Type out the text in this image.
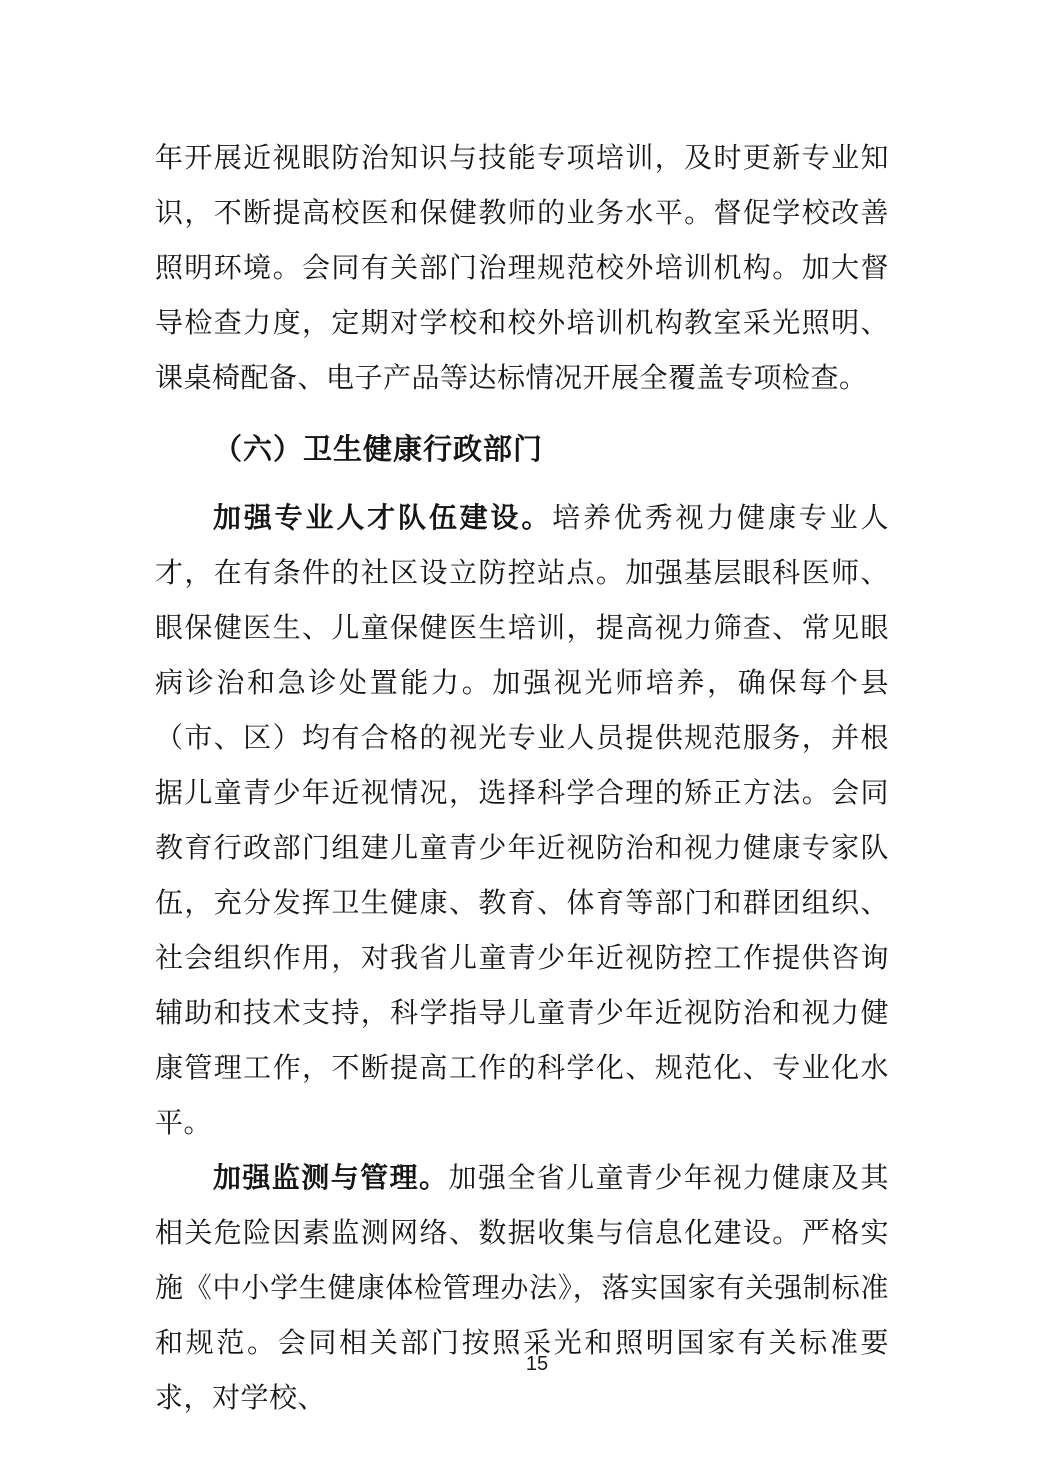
年开展近视眼防治知识与技能专项培训，及时更新专业知识，不断提高校医和保健教师的业务水平。督促学校改善照明环境。会同有关部门治理规范校外培训机构。加大督导检查力度，定期对学校和校外培训机构教室采光照明、课桌椅配备、电子产品等达标情况开展全覆盖专项检查。

（六）卫生健康行政部门

加强专业人才队伍建设。培养优秀视力健康专业人才，在有条件的社区设立防控站点。加强基层眼科医师、眼保健医生、儿童保健医生培训，提高视力筛查、常见眼病诊治和急诊处置能力。加强视光师培养，确保每个县（市、区）均有合格的视光专业人员提供规范服务，并根据儿童青少年近视情况，选择科学合理的矫正方法。会同教育行政部门组建儿童青少年近视防治和视力健康专家队伍，充分发挥卫生健康、教育、体育等部门和群团组织、社会组织作用，对我省儿童青少年近视防控工作提供咨询辅助和技术支持，科学指导儿童青少年近视防治和视力健康管理工作，不断提高工作的科学化、规范化、专业化水平。

加强监测与管理。加强全省儿童青少年视力健康及其相关危险因素监测网络、数据收集与信息化建设。严格实施《中小学生健康体检管理办法》，落实国家有关强制标准和规范。会同相关部门按照采光和照明国家有关标准要求，对学校、

15
